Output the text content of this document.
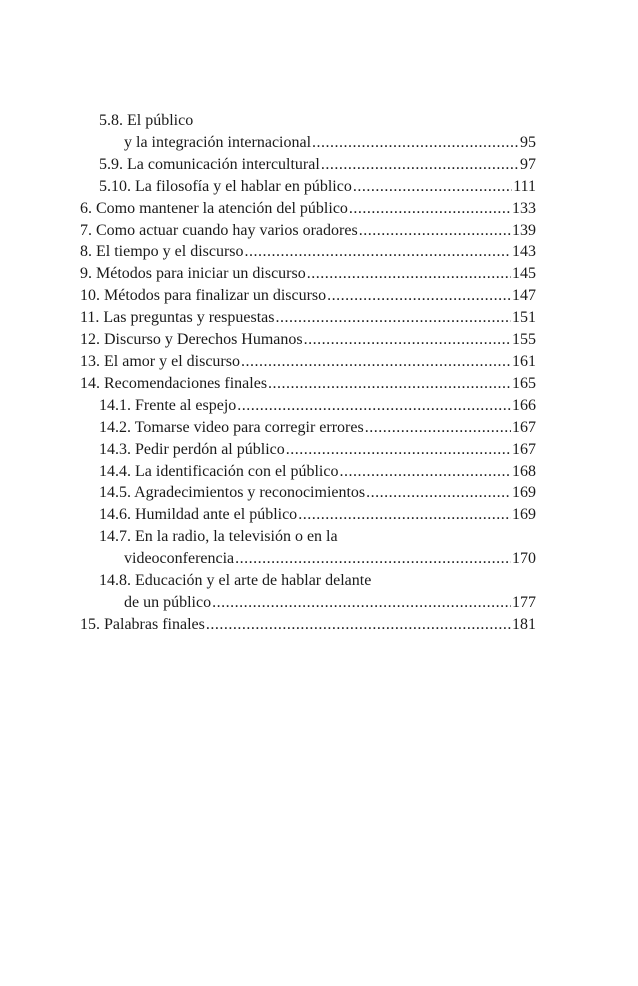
5.8. El público
y la integración internacional .....	95
5.9. La comunicación intercultural .....	97
5.10. La filosofía y el hablar en público .....	111
6. Como mantener la atención del público .....	133
7. Como actuar cuando hay varios oradores .....	139
8. El tiempo y el discurso .....	143
9. Métodos para iniciar un discurso .....	145
10. Métodos para finalizar un discurso .....	147
11. Las preguntas y respuestas .....	151
12. Discurso y Derechos Humanos .....	155
13. El amor y el discurso .....	161
14. Recomendaciones finales .....	165
14.1. Frente al espejo .....	166
14.2. Tomarse video para corregir errores .....	167
14.3. Pedir perdón al público .....	167
14.4. La identificación con el público .....	168
14.5. Agradecimientos y reconocimientos .....	169
14.6. Humildad ante el público .....	169
14.7. En la radio, la televisión o en la
videoconferencia .....	170
14.8. Educación y el arte de hablar delante
de un público .....	177
15. Palabras finales .....	181
